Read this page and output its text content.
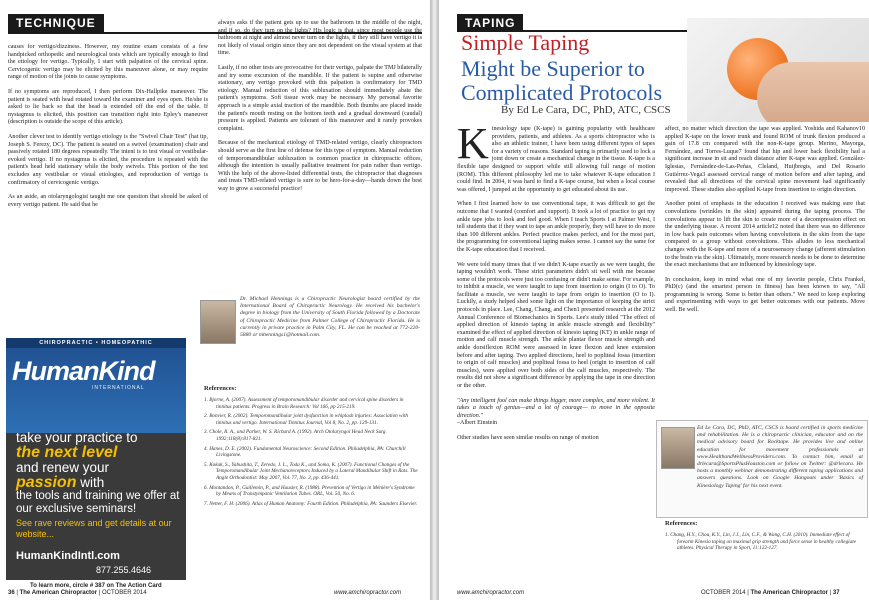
TECHNIQUE

causes for vertigo/dizziness. However, my routine exam consists of a few handpicked orthopedic and neurological tests which are typically enough to find the etiology for vertigo. Typically, I start with palpation of the cervical spine. Cervicogenic vertigo may be elicited by this maneuver alone, or may require range of motion of the joints to cause symptoms.

If no symptoms are reproduced, I then perform Dix-Hallpike maneuver. The patient is seated with head rotated toward the examiner and eyes open. He/she is asked to lie back so that the head is extended off the end of the table. If nystagmus is elicited, this position can transition right into Epley's maneuver (description is outside the scope of this article).

Another clever test to identify vertigo etiology is the "Swivel Chair Test" (hat tip, Joseph S. Ferezy, DC). The patient is seated on a swivel (examination) chair and passively rotated 180 degrees repeatedly. The intent is to test visual or vestibular-evoked vertigo. If no nystagmus is elicited, the procedure is repeated with the patient's head held stationary while the body swivels. This portion of the test excludes any vestibular or visual etiologies, and reproduction of vertigo is confirmatory of cervicogenic vertigo.

As an aside, an otolaryngologist taught me one question that should be asked of every vertigo patient. He said that he

always asks if the patient gets up to use the bathroom in the middle of the night, and if so, do they turn on the lights? His logic is that, since most people use the bathroom at night and almost never turn on the lights, if they still have vertigo it is not likely of visual origin since they are not dependent on the visual system at that time.

Lastly, if no other tests are provocative for their vertigo, palpate the TMJ bilaterally and try some excursion of the mandible. If the patient is supine and otherwise stationary, any vertigo provoked with this palpation is confirmatory for TMD etiology. Manual reduction of this subluxation should immediately abate the patient's symptoms. Soft tissue work may be necessary. My personal favorite approach is a simple axial traction of the mandible. Both thumbs are placed inside the patient's mouth resting on the bottom teeth and a gradual downward (caudal) pressure is applied. Patients are tolerant of this maneuver and it rarely provokes complaint.

Because of the mechanical etiology of TMD-related vertigo, clearly chiropractors should serve as the first line of defense for this type of symptom. Manual reduction of temporomandibular subluxation is common practice in chiropractic offices, although the intention is usually palliative treatment for pain rather than vertigo. With the help of the above-listed differential tests, the chiropractor that diagnoses and treats TMD-related vertigo is sure to be hero-for-a-day—hands down the best way to grow a successful practice!

CHIROPRACTIC • HOMEOPATHIC
HumanKind
INTERNATIONAL
take your practice to
the next level
and renew your
passion with
the tools and training we offer at our exclusive seminars!
See rave reviews and get details at our website...
HumanKindIntl.com
877.255.4646
To learn more, circle # 387 on The Action Card
Dr. Michael Hennings is a Chiropractic Neurologist board certified by the International Board of Chiropractic Neurology. He received his bachelor's degree in biology from the University of South Florida followed by a Doctorate of Chiropractic Medicine from Palmer College of Chiropractic Florida. He is currently in private practice in Palm City, FL. He can be reached at 772-220-5880 or mhennings1@hotmail.com.
References:
1. Bjorne, A. (2007). Assessment of temporomandibular disorder and cervical spine disorders in tinnitus patients. Progress in Brain Research: Vol 166, pp 215-219.
2. Bonvier, R. (2002). Temporomandibular joint dysfunction in whiplash injuries: Association with tinnitus and vertigo. International Tinnitus Journal, Vol 8, No. 2, pp. 129-131.
3. Chole, R. A., and Parker, W. S. Richard A. (1992). Arch Otolaryngol Head Neck Surg. 1992;118(8):817-821.
4. Hanes, D. E. (2002). Fundamental Neuroscience: Second Edition. Philadelphia, PA: Churchill Livingstone.
5. Kokak, S., Yabushita, T., Zeredo, J. L., Toda K., and Soma, K. (2007). Functional Changes of the Temporomandibular Joint Mechanoreceptors Induced by a Lateral Mandibular Shift in Rats. The Angle Orthodontist: May 2007, Vol. 77, No. 3, pp. 436-441.
6. Montandon, P., Guillemin, P., and Hausler, R. (1988). Prevention of Vertigo in Ménière's Syndrome by Means of Transtympanic Ventilation Tubes. ORL, Vol. 50, No. 6.
7. Netter, F. H. (2006). Atlas of Human Anatomy: Fourth Edition. Philadelphia, PA: Saunders Elsevier.
36 | The American Chiropractor | OCTOBER 2014	www.amchiropractor.com
TAPING
Simple Taping
Might be Superior to
Complicated Protocols
By Ed Le Cara, DC, PhD, ATC, CSCS

Kinesiology tape (K-tape) is gaining popularity with healthcare providers, patients, and athletes. As a sports chiropractor who is also an athletic trainer, I have been using different types of tapes for a variety of reasons. Standard taping is primarily used to lock a joint down or create a mechanical change in the tissue. K-tape is a flexible tape designed to support while still allowing full range of motion (ROM). This different philosophy led me to take whatever K-tape education I could find. In 2004, it was hard to find a K-tape course, but when a local course was offered, I jumped at the opportunity to get educated about its use.

When I first learned how to use conventional tape, it was difficult to get the outcome that I wanted (comfort and support). It took a lot of practice to get my ankle tape jobs to look and feel good. When I teach Sports I at Palmer West, I tell students that if they want to tape an ankle properly, they will have to do more than 100 different ankles. Perfect practice makes perfect, and for the most part, the programming for conventional taping makes sense. I cannot say the same for the K-tape education that I received.

We were told many times that if we didn't K-tape exactly as we were taught, the taping wouldn't work. These strict parameters didn't sit well with me because some of the protocols were just too confusing or didn't make sense. For example, to inhibit a muscle, we were taught to tape from insertion to origin (I to O). To facilitate a muscle, we were taught to tape from origin to insertion (O to I). Luckily, a study helped shed some light on the importance of keeping the strict protocols in place. Lee, Chang, Chang, and Chen1 presented research at the 2012 Annual Conference of Biomechanics in Sports. Lee's study titled "The effect of applied direction of kinesio taping in ankle muscle strength and flexibility" examined the effect of applied direction of kinesio taping (KT) in ankle range of motion and calf muscle strength. The ankle plantar flexor muscle strength and ankle dorsiflexion ROM were assessed in knee flexion and knee extension before and after taping. Two applied directions, heel to popliteal fossa (insertion to origin of calf muscles) and popliteal fossa to heel (origin to insertion of calf muscles), were applied over both sides of the calf muscles, respectively. The results did not show a significant difference by applying the tape in one direction or the other.

"Any intelligent fool can make things bigger, more complex, and more violent. It takes a touch of genius—and a lot of courage— to move in the opposite direction."

–Albert Einstein

Other studies have seen similar results on range of motion

affect, no matter which direction the tape was applied. Yoshida and Kahanov10 applied K-tape on the lower trunk and found ROM of trunk flexion produced a gain of 17.8 cm compared with the non-K-tape group. Merino, Mayorga, Fernández, and Torres-Luque7 found that hip and lower back flexibility had a significant increase in sit and reach distance after K-tape was applied. González-Iglesias, Fernández-de-Las-Peñas, Cleland, Huijbregts, and Del Rosario Gutiérrez-Vega3 assessed cervical range of motion before and after taping, and revealed that all directions of the cervical spine movement had significantly improved. These studies also applied K-tape from insertion to origin direction.

Another point of emphasis in the education I received was making sure that convolutions (wrinkles in the skin) appeared during the taping process. The convolutions appear to lift the skin to create more of a decompression effect on the underlying tissue. A recent 2014 article12 noted that there was no difference in low back pain outcomes when having convolutions in the skin from the tape compared to a group without convolutions. This alludes to less mechanical changes with the K-tape and more of a neurosensory change (afferent stimulation to the brain via the skin). Ultimately, more research needs to be done to determine the exact mechanisms that are influenced by kinesiology tape.

In conclusion, keep in mind what one of my favorite people, Chris Frankel, PhD(c) (and the smartest person in fitness) has been known to say, "All programming is wrong. Some is better than others." We need to keep exploring and experimenting with ways to get better outcomes with our patients. Move well. Be well.

Ed Le Cara, DC, PhD, ATC, CSCS is board certified in sports medicine and rehabilitation. He is a chiropractic clinician, educator and on the medical advisory board for Rocktape. He provides live and online education for movement professionals at www.HealthandWellnessProviders.com. To contact him, email at drlecara@SportsPlusHouston.com or follow on Twitter: @drlecara. He hosts a monthly webinar demonstrating different taping applications and answers questions. Look on Google Hangouts under 'Basics of Kinesiology Taping' for his next event.
References:
1. Chang, H.Y., Chou, K.Y., Lin, J.J., Lin, C.F., & Wang, C.H. (2010). Immediate effect of forearm Kinesio taping on maximal grip strength and force sense in healthy collegiate athletes. Physical Therapy in Sport, 11:122-127.
www.amchiropractor.com	OCTOBER 2014 | The American Chiropractor | 37
